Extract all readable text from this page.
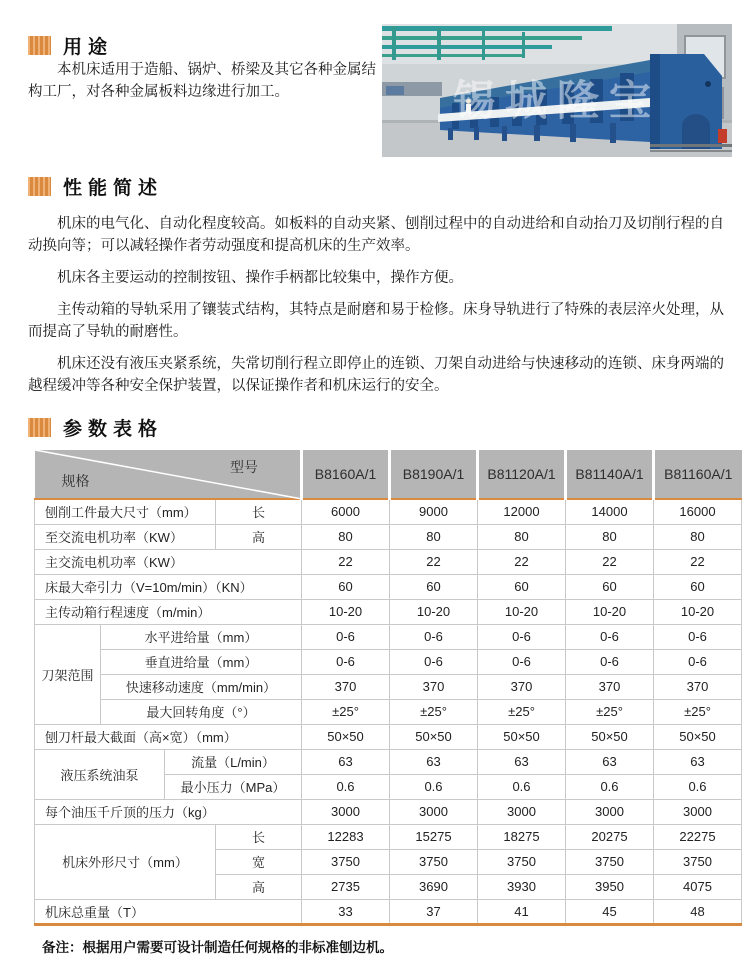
用途

本机床适用于造船、锅炉、桥梁及其它各种金属结构工厂，对各种金属板料边缘进行加工。	锡城隆宝
性能简述

机床的电气化、自动化程度较高。如板料的自动夹紧、刨削过程中的自动进给和自动抬刀及切削行程的自动换向等；可以减轻操作者劳动强度和提高机床的生产效率。

机床各主要运动的控制按钮、操作手柄都比较集中，操作方便。

主传动箱的导轨采用了镶装式结构，其特点是耐磨和易于检修。床身导轨进行了特殊的表层淬火处理，从而提高了导轨的耐磨性。

机床还没有液压夹紧系统，失常切削行程立即停止的连锁、刀架自动进给与快速移动的连锁、床身两端的越程缓冲等各种安全保护装置，以保证操作者和机床运行的安全。

参数表格
型号
规格				B8160A/1	B8190A/1	B81120A/1	B81140A/1	B81160A/1
刨削工件最大尺寸（mm）			长	6000	9000	12000	14000	16000
至交流电机功率（KW）			高	80	80	80	80	80
主交流电机功率（KW）				22	22	22	22	22
床最大牵引力（V=10m/min）（KN）				60	60	60	60	60
主传动箱行程速度（m/min）				10-20	10-20	10-20	10-20	10-20
刀架范围	水平进给量（mm）			0-6	0-6	0-6	0-6	0-6
	垂直进给量（mm）			0-6	0-6	0-6	0-6	0-6
	快速移动速度（mm/min）			370	370	370	370	370
	最大回转角度（°）			±25°	±25°	±25°	±25°	±25°
刨刀杆最大截面（高×宽）（mm）				50×50	50×50	50×50	50×50	50×50
液压系统油泵		流量（L/min）		63	63	63	63	63
		最小压力（MPa）		0.6	0.6	0.6	0.6	0.6
每个油压千斤顶的压力（kg）				3000	3000	3000	3000	3000
机床外形尺寸（mm）			长	12283	15275	18275	20275	22275
			宽	3750	3750	3750	3750	3750
			高	2735	3690	3930	3950	4075
机床总重量（T）				33	37	41	45	48

备注：根据用户需要可设计制造任何规格的非标准刨边机。
